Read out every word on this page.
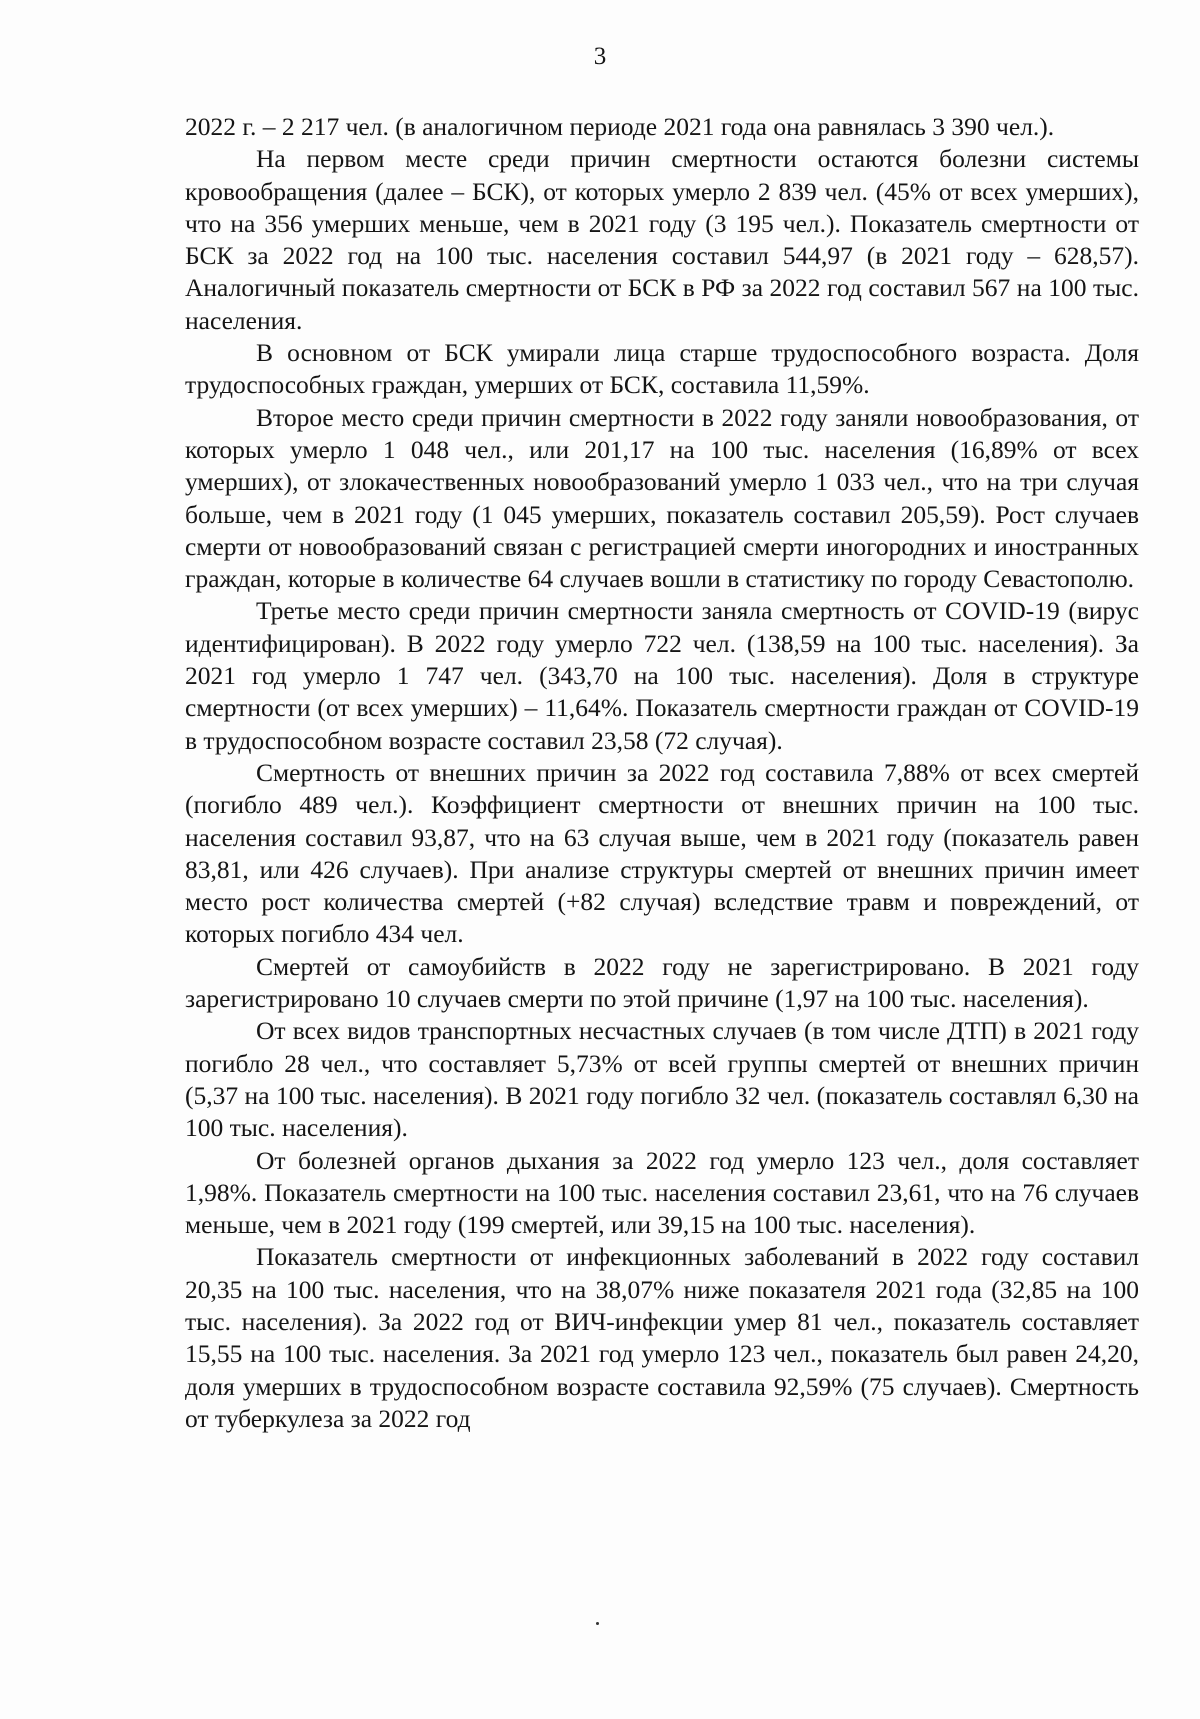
3

2022 г. – 2 217 чел. (в аналогичном периоде 2021 года она равнялась 3 390 чел.).

На первом месте среди причин смертности остаются болезни системы кровообращения (далее – БСК), от которых умерло 2 839 чел. (45% от всех умерших), что на 356 умерших меньше, чем в 2021 году (3 195 чел.). Показатель смертности от БСК за 2022 год на 100 тыс. населения составил 544,97 (в 2021 году – 628,57). Аналогичный показатель смертности от БСК в РФ за 2022 год составил 567 на 100 тыс. населения.

В основном от БСК умирали лица старше трудоспособного возраста. Доля трудоспособных граждан, умерших от БСК, составила 11,59%.

Второе место среди причин смертности в 2022 году заняли новообразования, от которых умерло 1 048 чел., или 201,17 на 100 тыс. населения (16,89% от всех умерших), от злокачественных новообразований умерло 1 033 чел., что на три случая больше, чем в 2021 году (1 045 умерших, показатель составил 205,59). Рост случаев смерти от новообразований связан с регистрацией смерти иногородних и иностранных граждан, которые в количестве 64 случаев вошли в статистику по городу Севастополю.

Третье место среди причин смертности заняла смертность от COVID-19 (вирус идентифицирован). В 2022 году умерло 722 чел. (138,59 на 100 тыс. населения). За 2021 год умерло 1 747 чел. (343,70 на 100 тыс. населения). Доля в структуре смертности (от всех умерших) – 11,64%. Показатель смертности граждан от COVID-19 в трудоспособном возрасте составил 23,58 (72 случая).

Смертность от внешних причин за 2022 год составила 7,88% от всех смертей (погибло 489 чел.). Коэффициент смертности от внешних причин на 100 тыс. населения составил 93,87, что на 63 случая выше, чем в 2021 году (показатель равен 83,81, или 426 случаев). При анализе структуры смертей от внешних причин имеет место рост количества смертей (+82 случая) вследствие травм и повреждений, от которых погибло 434 чел.

Смертей от самоубийств в 2022 году не зарегистрировано. В 2021 году зарегистрировано 10 случаев смерти по этой причине (1,97 на 100 тыс. населения).

От всех видов транспортных несчастных случаев (в том числе ДТП) в 2021 году погибло 28 чел., что составляет 5,73% от всей группы смертей от внешних причин (5,37 на 100 тыс. населения). В 2021 году погибло 32 чел. (показатель составлял 6,30 на 100 тыс. населения).

От болезней органов дыхания за 2022 год умерло 123 чел., доля составляет 1,98%. Показатель смертности на 100 тыс. населения составил 23,61, что на 76 случаев меньше, чем в 2021 году (199 смертей, или 39,15 на 100 тыс. населения).

Показатель смертности от инфекционных заболеваний в 2022 году составил 20,35 на 100 тыс. населения, что на 38,07% ниже показателя 2021 года (32,85 на 100 тыс. населения). За 2022 год от ВИЧ-инфекции умер 81 чел., показатель составляет 15,55 на 100 тыс. населения. За 2021 год умерло 123 чел., показатель был равен 24,20, доля умерших в трудоспособном возрасте составила 92,59% (75 случаев). Смертность от туберкулеза за 2022 год
